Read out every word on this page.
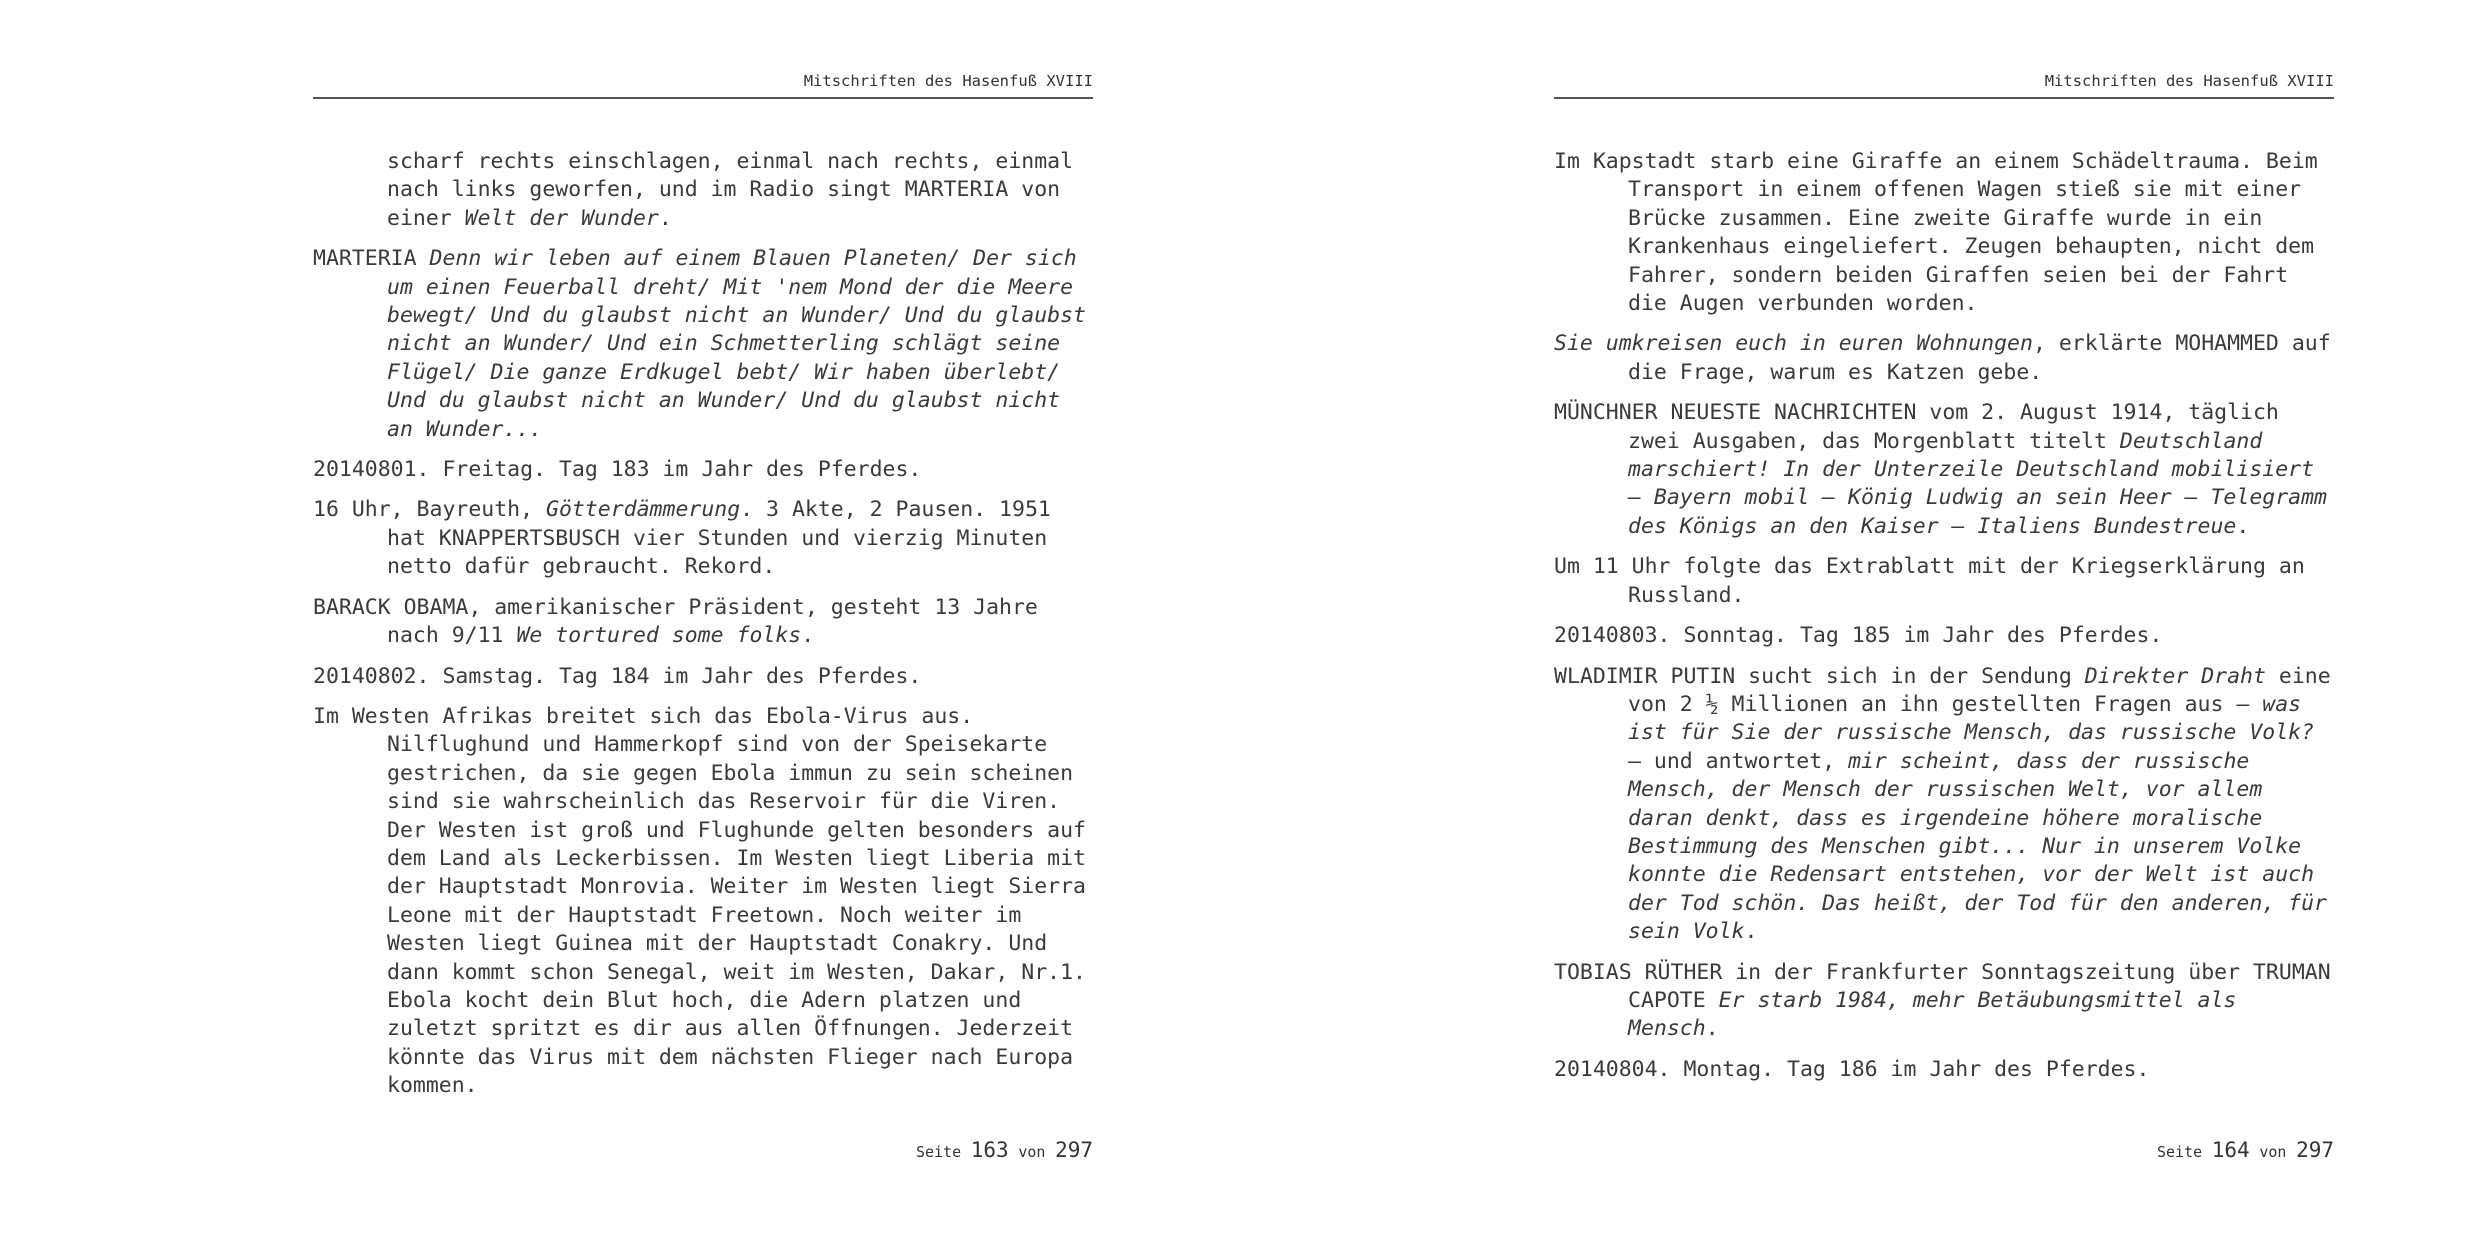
Mitschriften des Hasenfuß XVIII
scharf rechts einschlagen, einmal nach rechts, einmal
nach links geworfen, und im Radio singt MARTERIA von
einer Welt der Wunder.
MARTERIA Denn wir leben auf einem Blauen Planeten/ Der sich
um einen Feuerball dreht/ Mit 'nem Mond der die Meere
bewegt/ Und du glaubst nicht an Wunder/ Und du glaubst
nicht an Wunder/ Und ein Schmetterling schlägt seine
Flügel/ Die ganze Erdkugel bebt/ Wir haben überlebt/
Und du glaubst nicht an Wunder/ Und du glaubst nicht
an Wunder...
20140801. Freitag. Tag 183 im Jahr des Pferdes.
16 Uhr, Bayreuth, Götterdämmerung. 3 Akte, 2 Pausen. 1951
hat KNAPPERTSBUSCH vier Stunden und vierzig Minuten
netto dafür gebraucht. Rekord.
BARACK OBAMA, amerikanischer Präsident, gesteht 13 Jahre
nach 9/11 We tortured some folks.
20140802. Samstag. Tag 184 im Jahr des Pferdes.
Im Westen Afrikas breitet sich das Ebola-Virus aus.
Nilflughund und Hammerkopf sind von der Speisekarte
gestrichen, da sie gegen Ebola immun zu sein scheinen
sind sie wahrscheinlich das Reservoir für die Viren.
Der Westen ist groß und Flughunde gelten besonders auf
dem Land als Leckerbissen. Im Westen liegt Liberia mit
der Hauptstadt Monrovia. Weiter im Westen liegt Sierra
Leone mit der Hauptstadt Freetown. Noch weiter im
Westen liegt Guinea mit der Hauptstadt Conakry. Und
dann kommt schon Senegal, weit im Westen, Dakar, Nr.1.
Ebola kocht dein Blut hoch, die Adern platzen und
zuletzt spritzt es dir aus allen Öffnungen. Jederzeit
könnte das Virus mit dem nächsten Flieger nach Europa
kommen.
Seite 163 von 297
Mitschriften des Hasenfuß XVIII
Im Kapstadt starb eine Giraffe an einem Schädeltrauma. Beim
Transport in einem offenen Wagen stieß sie mit einer
Brücke zusammen. Eine zweite Giraffe wurde in ein
Krankenhaus eingeliefert. Zeugen behaupten, nicht dem
Fahrer, sondern beiden Giraffen seien bei der Fahrt
die Augen verbunden worden.
Sie umkreisen euch in euren Wohnungen, erklärte MOHAMMED auf
die Frage, warum es Katzen gebe.
MÜNCHNER NEUESTE NACHRICHTEN vom 2. August 1914, täglich
zwei Ausgaben, das Morgenblatt titelt Deutschland
marschiert! In der Unterzeile Deutschland mobilisiert
– Bayern mobil – König Ludwig an sein Heer – Telegramm
des Königs an den Kaiser – Italiens Bundestreue.
Um 11 Uhr folgte das Extrablatt mit der Kriegserklärung an
Russland.
20140803. Sonntag. Tag 185 im Jahr des Pferdes.
WLADIMIR PUTIN sucht sich in der Sendung Direkter Draht eine
von 2 ½ Millionen an ihn gestellten Fragen aus – was
ist für Sie der russische Mensch, das russische Volk?
– und antwortet, mir scheint, dass der russische
Mensch, der Mensch der russischen Welt, vor allem
daran denkt, dass es irgendeine höhere moralische
Bestimmung des Menschen gibt... Nur in unserem Volke
konnte die Redensart entstehen, vor der Welt ist auch
der Tod schön. Das heißt, der Tod für den anderen, für
sein Volk.
TOBIAS RÜTHER in der Frankfurter Sonntagszeitung über TRUMAN
CAPOTE Er starb 1984, mehr Betäubungsmittel als
Mensch.
20140804. Montag. Tag 186 im Jahr des Pferdes.
Seite 164 von 297
